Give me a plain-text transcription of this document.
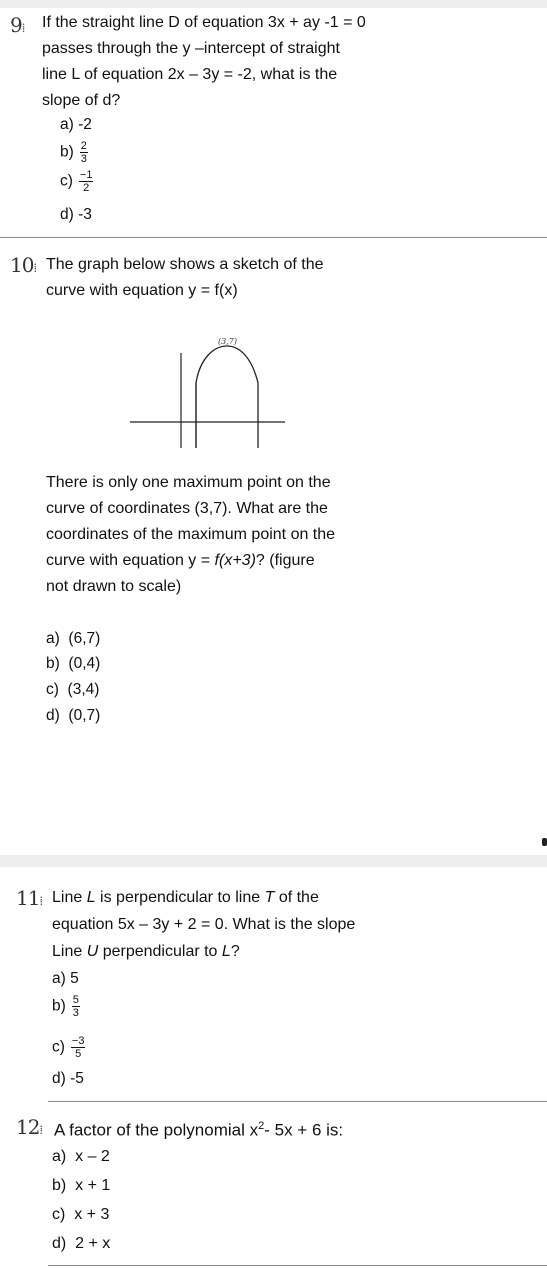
​
9⁞ If the straight line D of equation 3x + ay -1 = 0
passes through the y –intercept of straight
line L of equation 2x – 3y = -2, what is the
slope of d?
a) -2
$b) \frac{2}{3}$
$c) \frac{-1}{2}$
d) -3
10⁞ The graph below shows a sketch of the
curve with equation y = f(x)
(3,7)
There is only one maximum point on the
curve of coordinates (3,7). What are the
coordinates of the maximum point on the
curve with equation y = f(x+3)? (figure
not drawn to scale)
a) (6,7)
b) (0,4)
c) (3,4)
d) (0,7)
11⁞ Line L is perpendicular to line T of the
equation 5x – 3y + 2 = 0. What is the slope
Line U perpendicular to L?
a) 5
$b) \frac{5}{3}$
$c) \frac{-3}{5}$
d) -5
12⁞ A factor of the polynomial $x^2-$ 5x + 6 is:
a) x – 2
b) x + 1
c) x + 3
d) 2 + x
